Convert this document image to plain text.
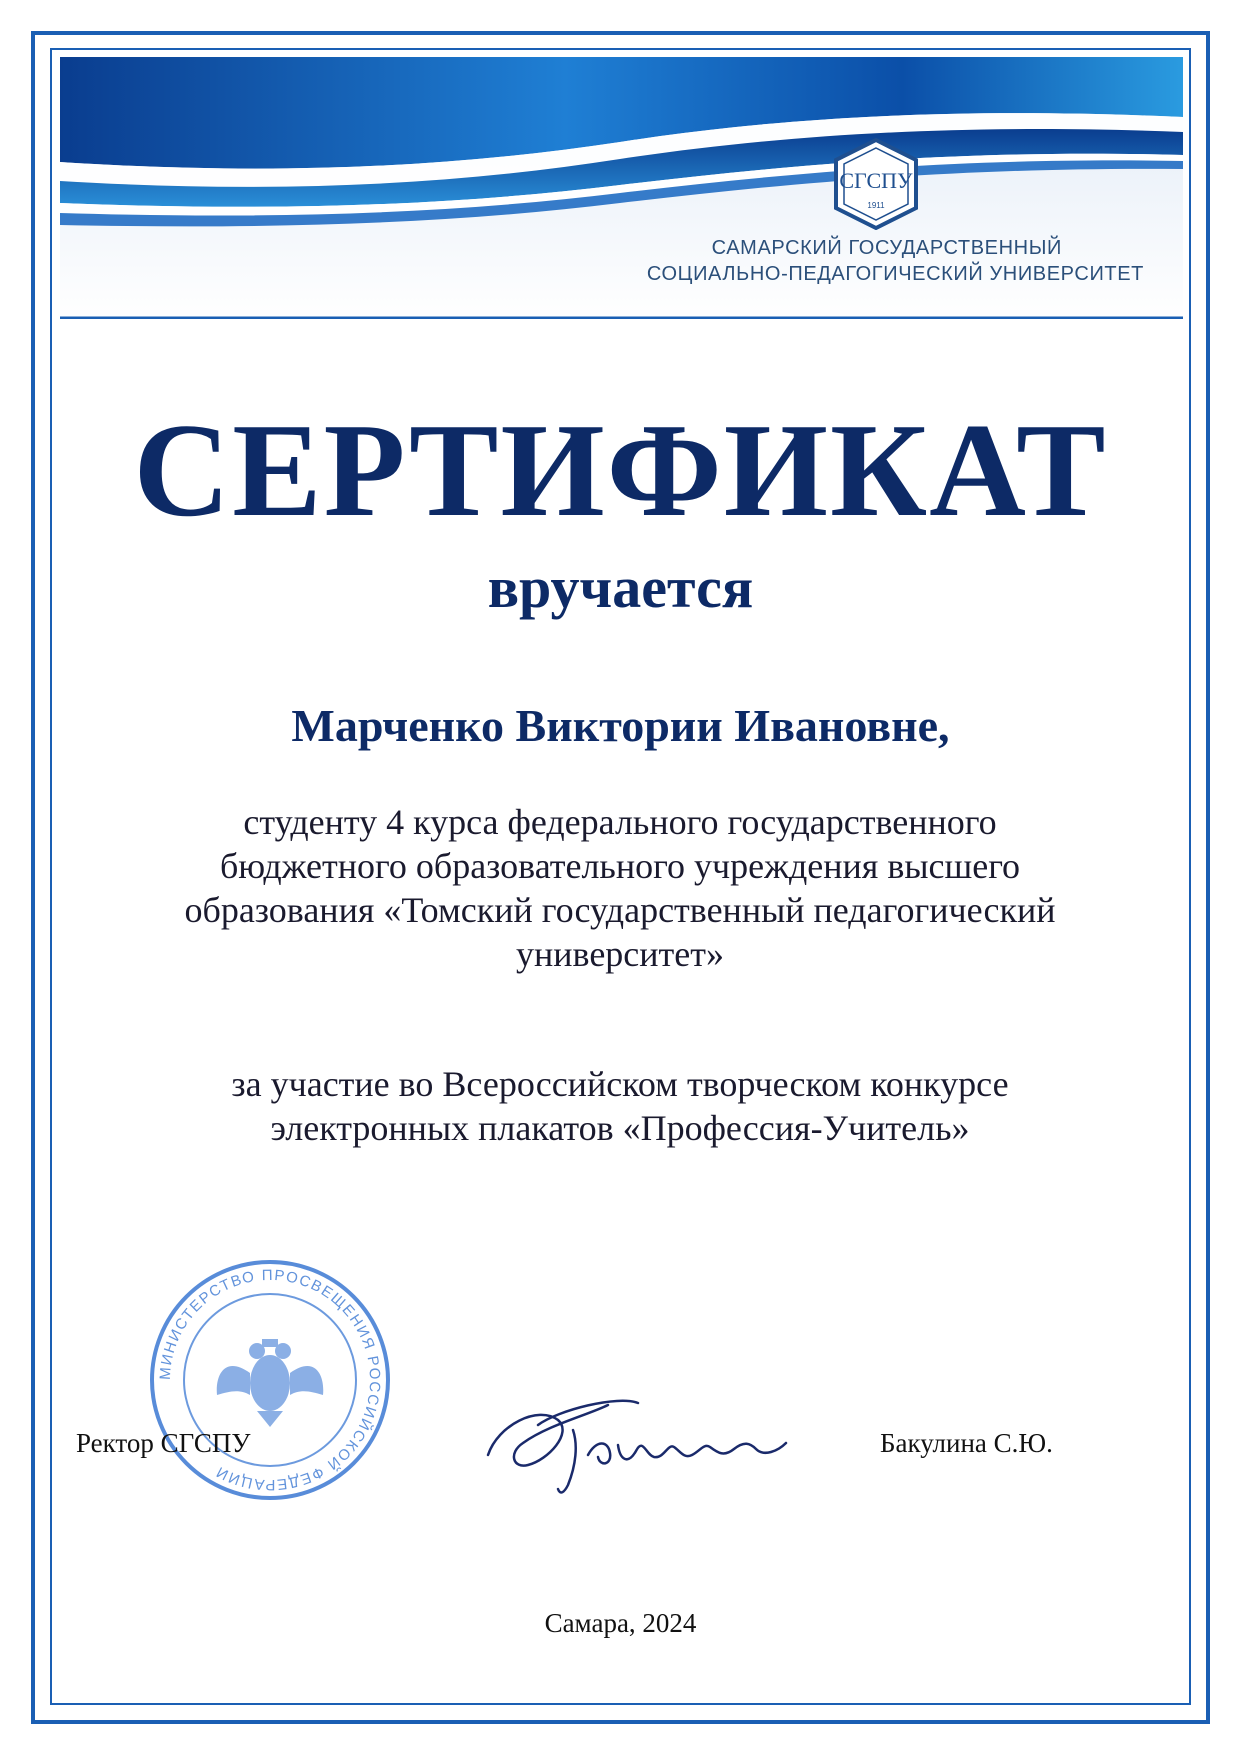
СГСПУ
1911
САМАРСКИЙ ГОСУДАРСТВЕННЫЙ
СОЦИАЛЬНО-ПЕДАГОГИЧЕСКИЙ УНИВЕРСИТЕТ
СЕРТИФИКАТ
вручается
Марченко Виктории Ивановне,
студенту 4 курса федерального государственного
бюджетного образовательного учреждения высшего
образования «Томский государственный педагогический
университет»
за участие во Всероссийском творческом конкурсе
электронных плакатов «Профессия-Учитель»
МИНИСТЕРСТВО ПРОСВЕЩЕНИЯ РОССИЙСКОЙ ФЕДЕРАЦИИ
Ректор СГСПУ	Бакулина С.Ю.
Самара, 2024
